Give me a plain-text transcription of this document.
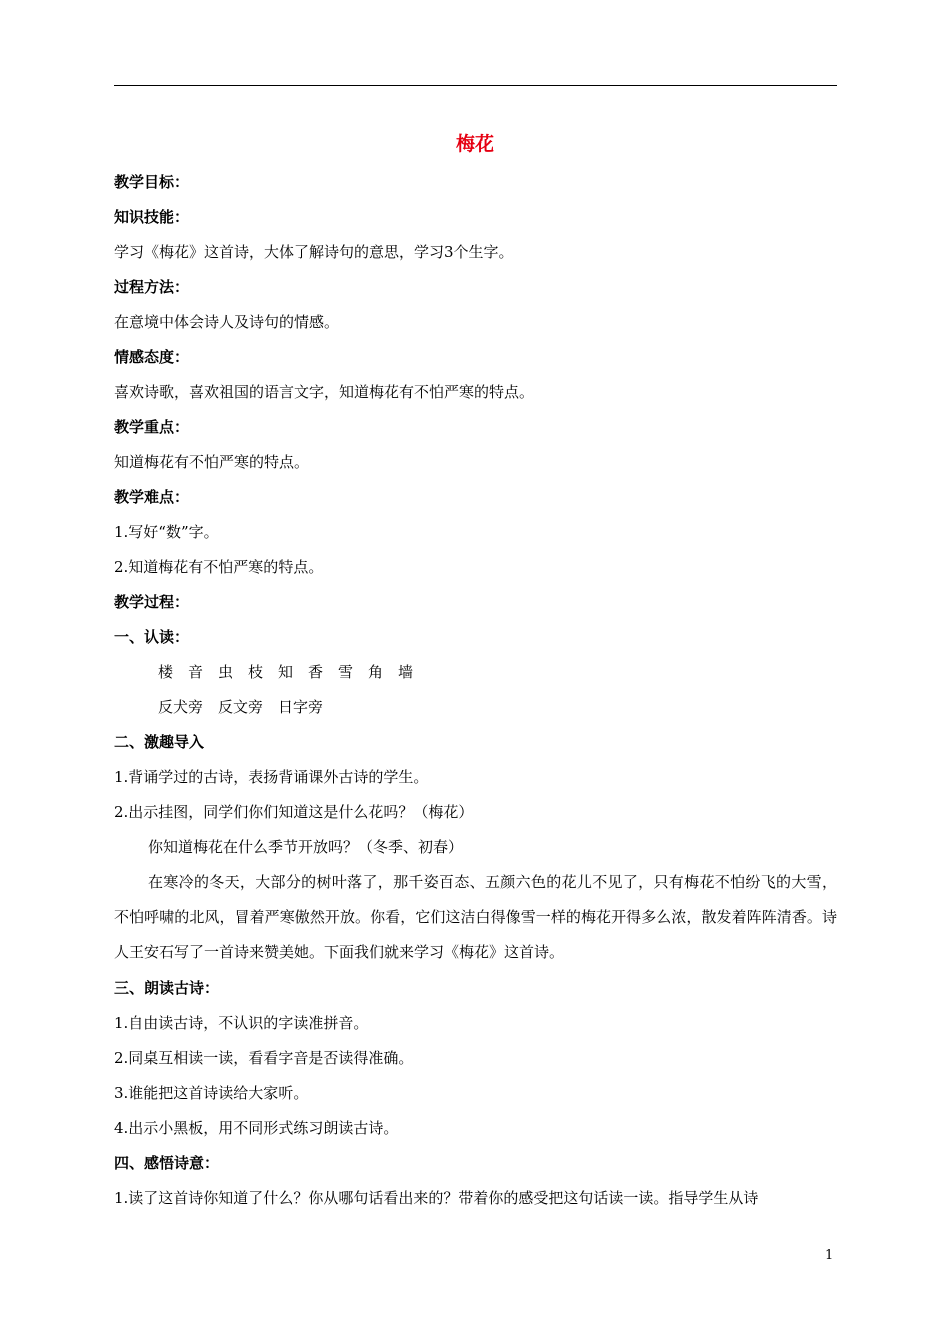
梅花
教学目标：
知识技能：
学习《梅花》这首诗，大体了解诗句的意思，学习3个生字。
过程方法：
在意境中体会诗人及诗句的情感。
情感态度：
喜欢诗歌，喜欢祖国的语言文字，知道梅花有不怕严寒的特点。
教学重点：
知道梅花有不怕严寒的特点。
教学难点：
1.写好“数”字。
2.知道梅花有不怕严寒的特点。
教学过程：
一、认读：
楼　音　虫　枝　知　香　雪　角　墙
反犬旁　反文旁　日字旁
二、激趣导入
1.背诵学过的古诗，表扬背诵课外古诗的学生。
2.出示挂图，同学们你们知道这是什么花吗？（梅花）
你知道梅花在什么季节开放吗？（冬季、初春）

在寒冷的冬天，大部分的树叶落了，那千姿百态、五颜六色的花儿不见了，只有梅花不怕纷飞的大雪，不怕呼啸的北风，冒着严寒傲然开放。你看，它们这洁白得像雪一样的梅花开得多么浓，散发着阵阵清香。诗人王安石写了一首诗来赞美她。下面我们就来学习《梅花》这首诗。

三、朗读古诗：
1.自由读古诗，不认识的字读准拼音。
2.同桌互相读一读，看看字音是否读得准确。
3.谁能把这首诗读给大家听。
4.出示小黑板，用不同形式练习朗读古诗。
四、感悟诗意：
1.读了这首诗你知道了什么？你从哪句话看出来的？带着你的感受把这句话读一读。指导学生从诗
1
